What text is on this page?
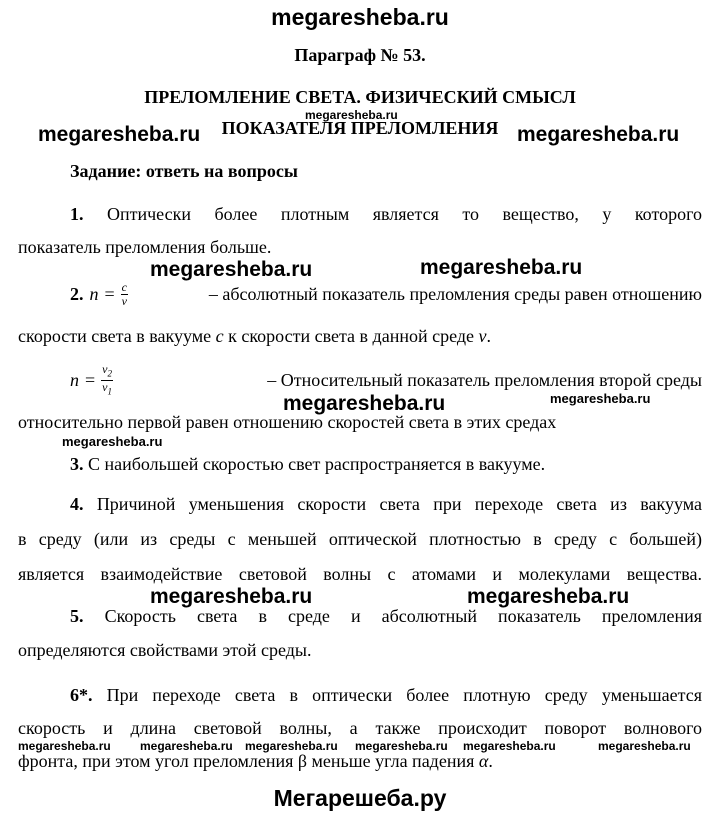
megaresheba.ru
Параграф № 53.
ПРЕЛОМЛЕНИЕ СВЕТА. ФИЗИЧЕСКИЙ СМЫСЛ
megaresheba.ru
ПОКАЗАТЕЛЯ ПРЕЛОМЛЕНИЯ
megaresheba.ru	megaresheba.ru
Задание: ответь на вопросы
1. Оптически более плотным является то вещество, у которого
показатель преломления больше.
megaresheba.ru	megaresheba.ru
2. $n = \frac{c}{v}$	– абсолютный показатель преломления среды равен отношению
скорости света в вакууме c к скорости света в данной среде v.
$n = \frac{v_2}{v_1}$	– Относительный показатель преломления второй среды
megaresheba.ru	megaresheba.ru
относительно первой равен отношению скоростей света в этих средах
megaresheba.ru
3. С наибольшей скоростью свет распространяется в вакууме.
4. Причиной уменьшения скорости света при переходе света из вакуума
в среду (или из среды с меньшей оптической плотностью в среду с большей)
является взаимодействие световой волны с атомами и молекулами вещества.
megaresheba.ru	megaresheba.ru
5. Скорость света в среде и абсолютный показатель преломления
определяются свойствами этой среды.
6*. При переходе света в оптически более плотную среду уменьшается
скорость и длина световой волны, а также происходит поворот волнового
megaresheba.ru megaresheba.ru megaresheba.ru megaresheba.ru megaresheba.ru	megaresheba.ru
фронта, при этом угол преломления β меньше угла падения α.
Мегарешеба.ру
